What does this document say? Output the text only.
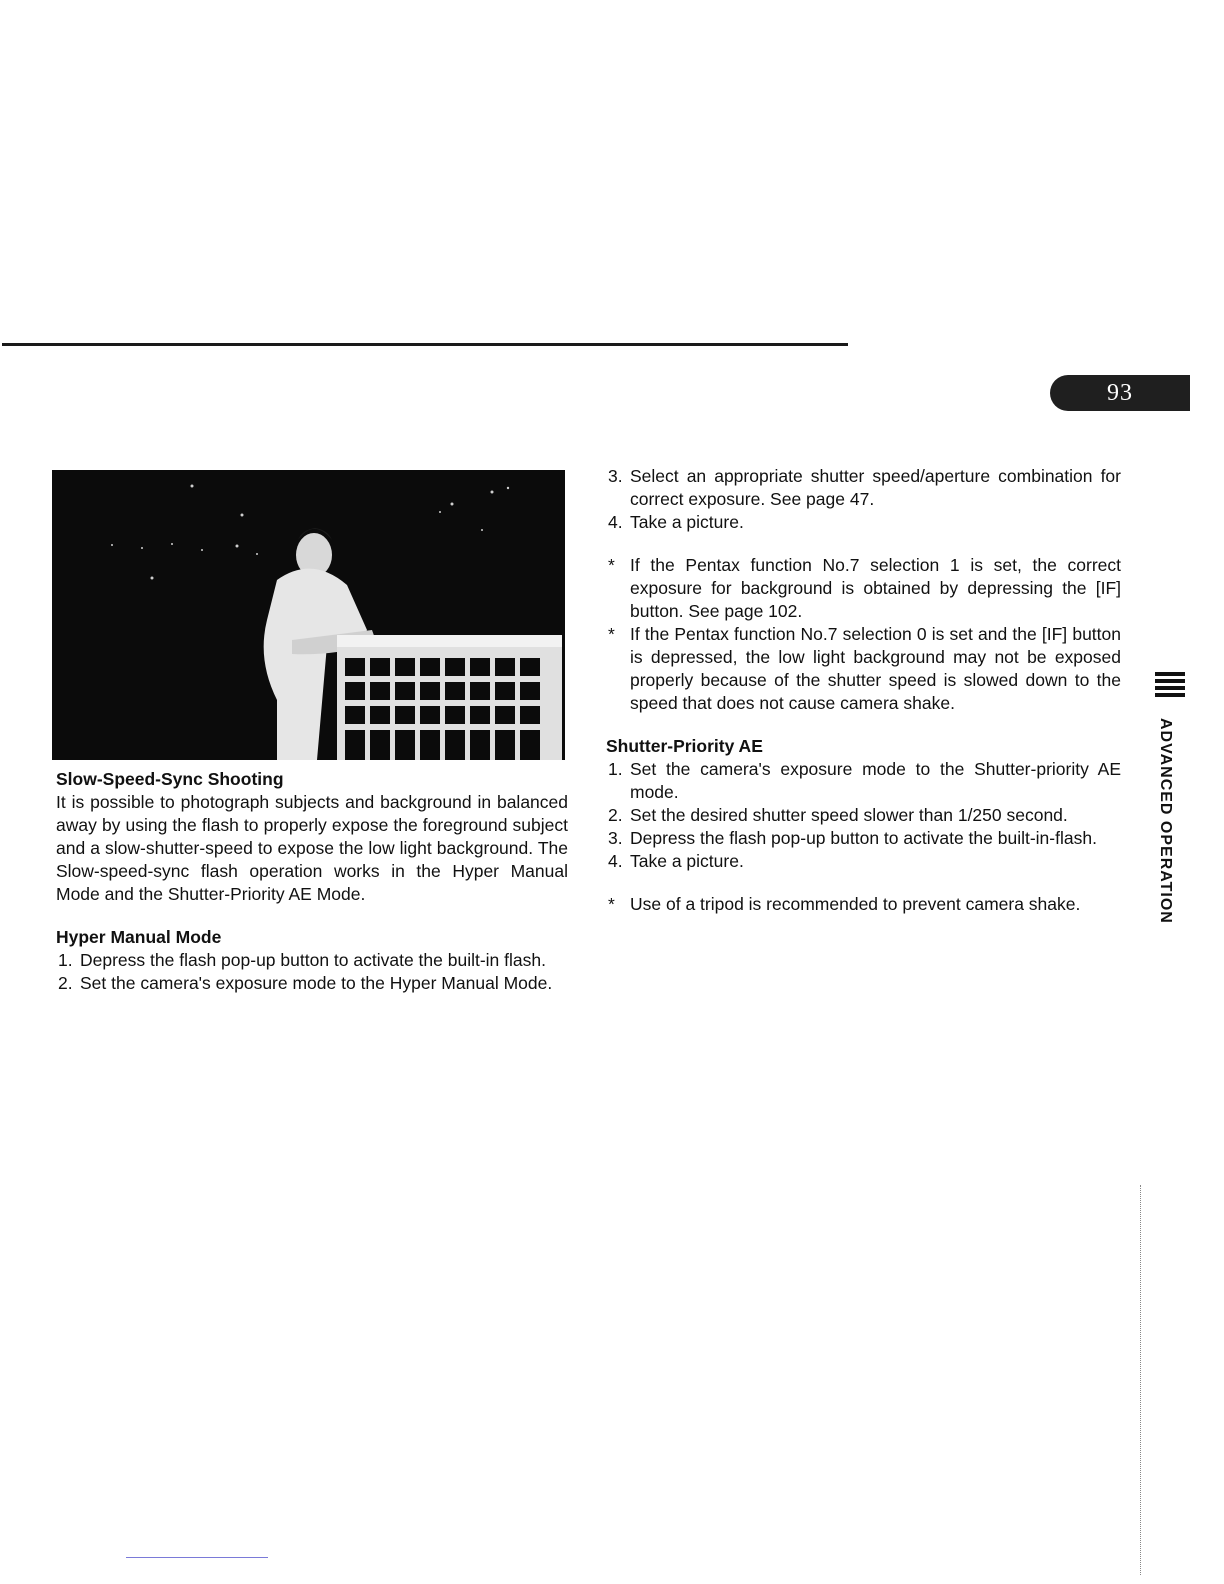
93

Slow-Speed-Sync Shooting

It is possible to photograph subjects and background in balanced away by using the flash to properly expose the foreground subject and a slow-shutter-speed to expose the low light background. The Slow-speed-sync flash operation works in the Hyper Manual Mode and the Shutter-Priority AE Mode.

Hyper Manual Mode

1. Depress the flash pop-up button to activate the built-in flash.
2. Set the camera's exposure mode to the Hyper Manual Mode.
3. Select an appropriate shutter speed/aperture combination for correct exposure. See page 47.
4. Take a picture.
* If the Pentax function No.7 selection 1 is set, the correct exposure for background is obtained by depressing the [IF] button. See page 102.
* If the Pentax function No.7 selection 0 is set and the [IF] button is depressed, the low light background may not be exposed properly because of the shutter speed is slowed down to the speed that does not cause camera shake.

Shutter-Priority AE

1. Set the camera's exposure mode to the Shutter-priority AE mode.
2. Set the desired shutter speed slower than 1/250 second.
3. Depress the flash pop-up button to activate the built-in-flash.
4. Take a picture.
* Use of a tripod is recommended to prevent camera shake.	ADVANCED OPERATION
